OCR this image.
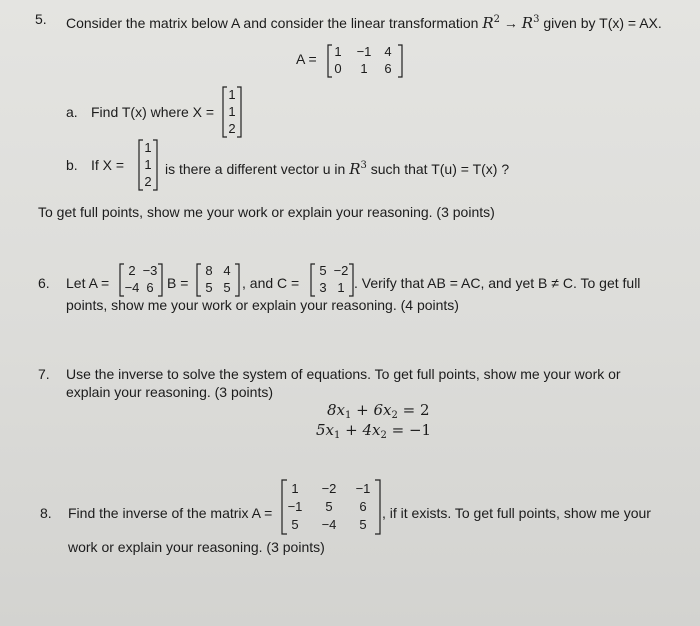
5. Consider the matrix below A and consider the linear transformation $R^2 \to R^3$ given by T(x) = AX.
A =	1	−1 4
0	1	6
a. Find T(x) where X =
1
1
2
b. If X =
1
1
2
is there a different vector u in $R^3$ such that T(u) = T(x) ?
To get full points, show me your work or explain your reasoning. (3 points)
6. Let A =
2 −3
−4 6 B =
8 4
5 5 , and C =
5 −2
3 1 . Verify that AB = AC, and yet B ≠ C. To get full
points, show me your work or explain your reasoning. (4 points)
7. Use the inverse to solve the system of equations. To get full points, show me your work or
explain your reasoning. (3 points)
$8x_1 + 6x_2 = 2$
$5x_1 + 4x_2 = -1$
8. Find the inverse of the matrix A =
1	−2 −1
−1	5	6
5	−4	5
, if it exists. To get full points, show me your
work or explain your reasoning. (3 points)
